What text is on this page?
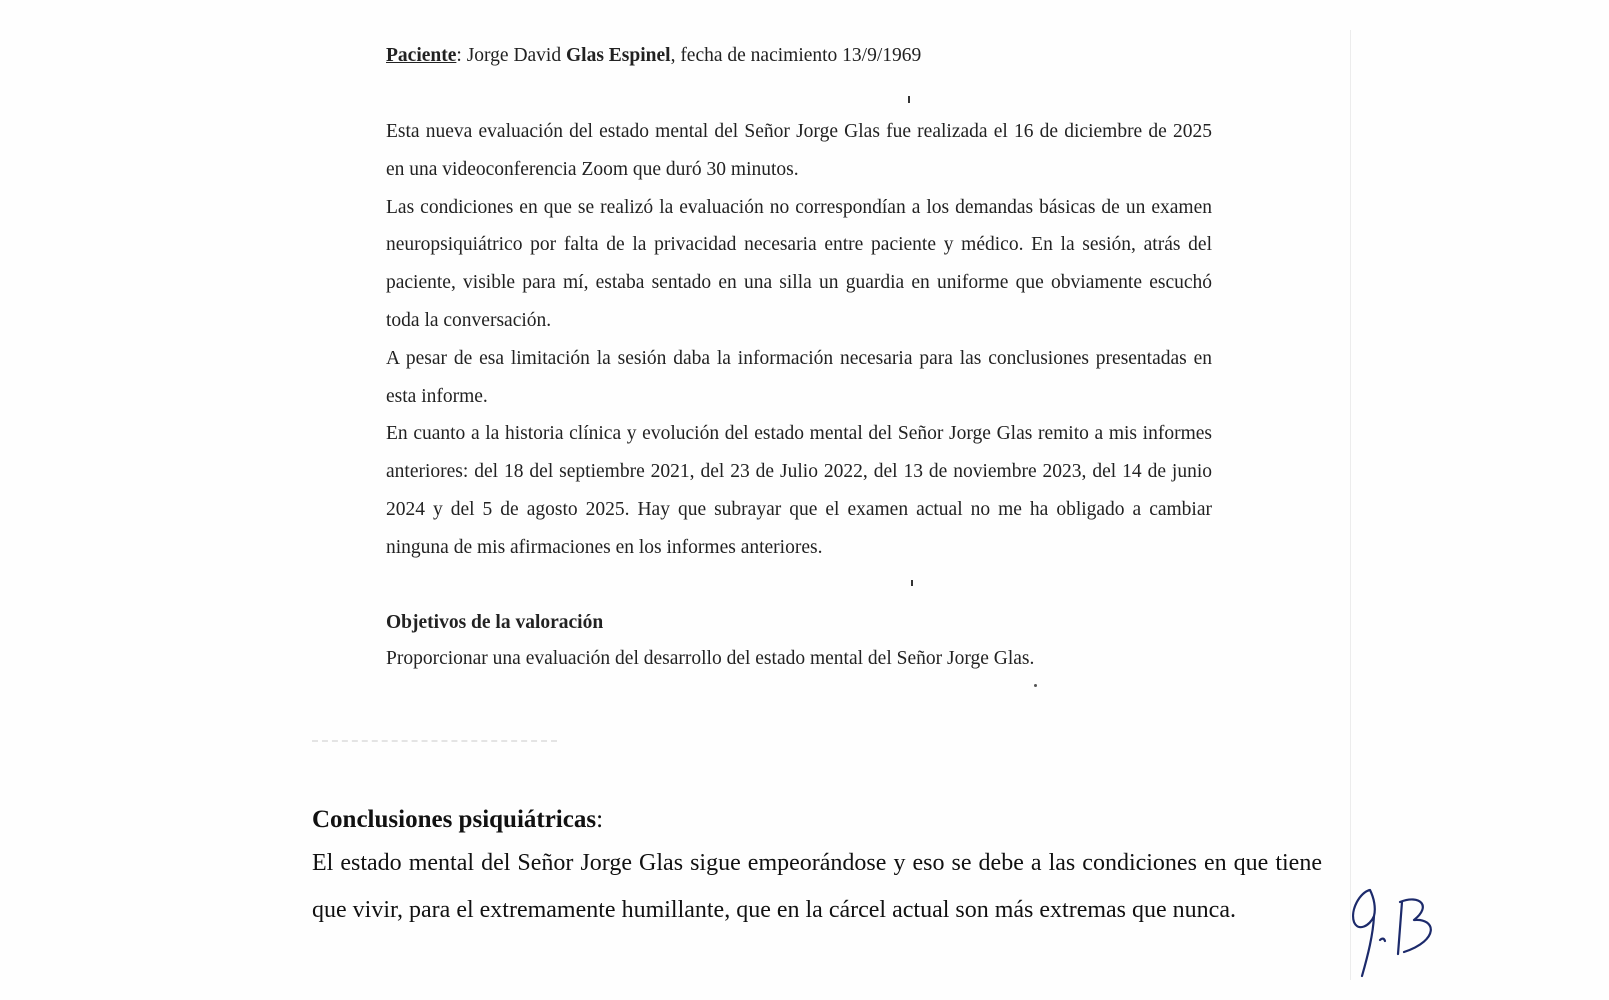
Paciente: Jorge David Glas Espinel, fecha de nacimiento 13/9/1969

Esta nueva evaluación del estado mental del Señor Jorge Glas fue realizada el 16 de diciembre de 2025 en una videoconferencia Zoom que duró 30 minutos.

Las condiciones en que se realizó la evaluación no correspondían a los demandas básicas de un examen neuropsiquiátrico por falta de la privacidad necesaria entre paciente y médico. En la sesión, atrás del paciente, visible para mí, estaba sentado en una silla un guardia en uniforme que obviamente escuchó toda la conversación.

A pesar de esa limitación la sesión daba la información necesaria para las conclusiones presentadas en esta informe.

En cuanto a la historia clínica y evolución del estado mental del Señor Jorge Glas remito a mis informes anteriores: del 18 del septiembre 2021, del 23 de Julio 2022, del 13 de noviembre 2023, del 14 de junio 2024 y del 5 de agosto 2025. Hay que subrayar que el examen actual no me ha obligado a cambiar ninguna de mis afirmaciones en los informes anteriores.

Objetivos de la valoración

Proporcionar una evaluación del desarrollo del estado mental del Señor Jorge Glas.

Conclusiones psiquiátricas:

El estado mental del Señor Jorge Glas sigue empeorándose y eso se debe a las condiciones en que tiene que vivir, para el extremamente humillante, que en la cárcel actual son más extremas que nunca.
